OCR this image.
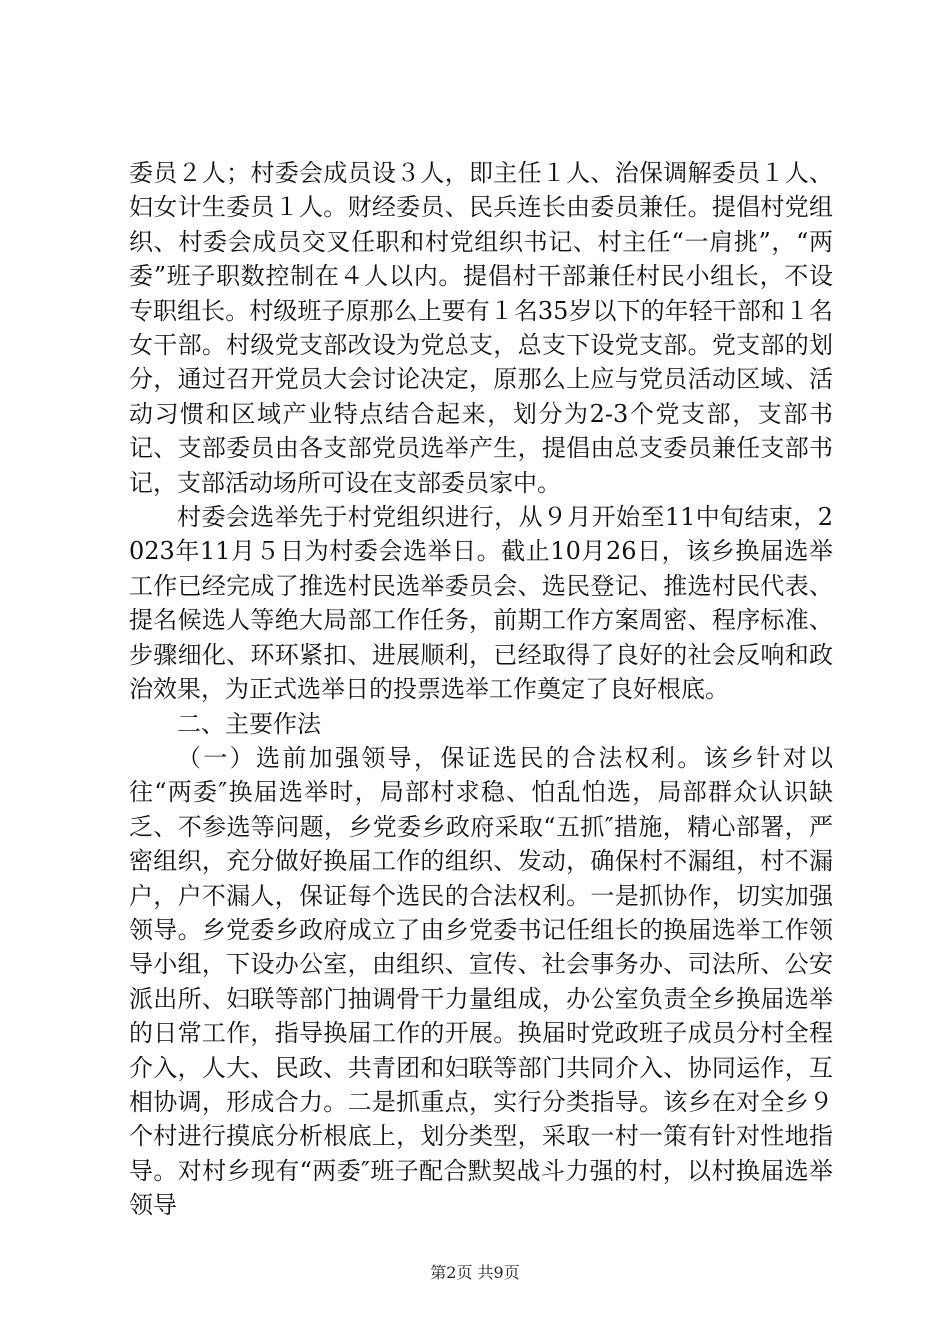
委员２人；村委会成员设３人，即主任１人、治保调解委员１人、妇女计生委员１人。财经委员、民兵连长由委员兼任。提倡村党组织、村委会成员交叉任职和村党组织书记、村主任“一肩挑”，“两委”班子职数控制在４人以内。提倡村干部兼任村民小组长，不设专职组长。村级班子原那么上要有１名35岁以下的年轻干部和１名女干部。村级党支部改设为党总支，总支下设党支部。党支部的划分，通过召开党员大会讨论决定，原那么上应与党员活动区域、活动习惯和区域产业特点结合起来，划分为2-3个党支部，支部书记、支部委员由各支部党员选举产生，提倡由总支委员兼任支部书记，支部活动场所可设在支部委员家中。

村委会选举先于村党组织进行，从９月开始至11中旬结束，2023年11月５日为村委会选举日。截止10月26日，该乡换届选举工作已经完成了推选村民选举委员会、选民登记、推选村民代表、提名候选人等绝大局部工作任务，前期工作方案周密、程序标准、步骤细化、环环紧扣、进展顺利，已经取得了良好的社会反响和政治效果，为正式选举日的投票选举工作奠定了良好根底。

二、主要作法

（一）选前加强领导，保证选民的合法权利。该乡针对以往“两委″换届选举时，局部村求稳、怕乱怕选，局部群众认识缺乏、不参选等问题，乡党委乡政府采取“五抓″措施，精心部署，严密组织，充分做好换届工作的组织、发动，确保村不漏组，村不漏户，户不漏人，保证每个选民的合法权利。一是抓协作，切实加强领导。乡党委乡政府成立了由乡党委书记任组长的换届选举工作领导小组，下设办公室，由组织、宣传、社会事务办、司法所、公安派出所、妇联等部门抽调骨干力量组成，办公室负责全乡换届选举的日常工作，指导换届工作的开展。换届时党政班子成员分村全程介入，人大、民政、共青团和妇联等部门共同介入、协同运作，互相协调，形成合力。二是抓重点，实行分类指导。该乡在对全乡９个村进行摸底分析根底上，划分类型，采取一村一策有针对性地指导。对村乡现有“两委″班子配合默契战斗力强的村，以村换届选举领导

第2页 共9页
